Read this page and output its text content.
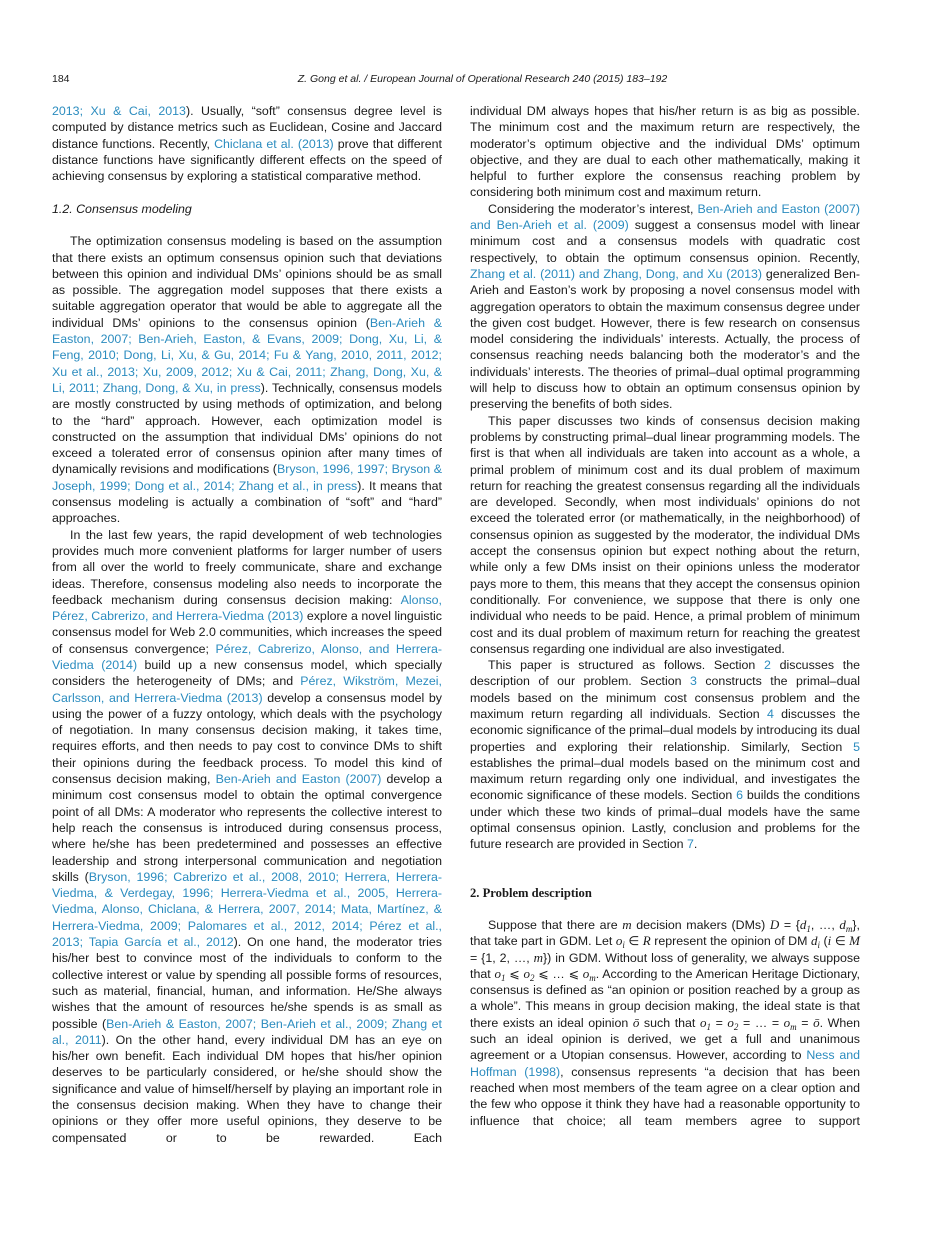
184	Z. Gong et al. / European Journal of Operational Research 240 (2015) 183–192

2013; Xu & Cai, 2013). Usually, “soft” consensus degree level is computed by distance metrics such as Euclidean, Cosine and Jaccard distance functions. Recently, Chiclana et al. (2013) prove that different distance functions have significantly different effects on the speed of achieving consensus by exploring a statistical comparative method.

1.2. Consensus modeling

The optimization consensus modeling is based on the assumption that there exists an optimum consensus opinion such that deviations between this opinion and individual DMs’ opinions should be as small as possible. The aggregation model supposes that there exists a suitable aggregation operator that would be able to aggregate all the individual DMs’ opinions to the consensus opinion (Ben-Arieh & Easton, 2007; Ben-Arieh, Easton, & Evans, 2009; Dong, Xu, Li, & Feng, 2010; Dong, Li, Xu, & Gu, 2014; Fu & Yang, 2010, 2011, 2012; Xu et al., 2013; Xu, 2009, 2012; Xu & Cai, 2011; Zhang, Dong, Xu, & Li, 2011; Zhang, Dong, & Xu, in press). Technically, consensus models are mostly constructed by using methods of optimization, and belong to the “hard” approach. However, each optimization model is constructed on the assumption that individual DMs’ opinions do not exceed a tolerated error of consensus opinion after many times of dynamically revisions and modifications (Bryson, 1996, 1997; Bryson & Joseph, 1999; Dong et al., 2014; Zhang et al., in press). It means that consensus modeling is actually a combination of “soft” and “hard” approaches.

In the last few years, the rapid development of web technologies provides much more convenient platforms for larger number of users from all over the world to freely communicate, share and exchange ideas. Therefore, consensus modeling also needs to incorporate the feedback mechanism during consensus decision making: Alonso, Pérez, Cabrerizo, and Herrera-Viedma (2013) explore a novel linguistic consensus model for Web 2.0 communities, which increases the speed of consensus convergence; Pérez, Cabrerizo, Alonso, and Herrera-Viedma (2014) build up a new consensus model, which specially considers the heterogeneity of DMs; and Pérez, Wikström, Mezei, Carlsson, and Herrera-Viedma (2013) develop a consensus model by using the power of a fuzzy ontology, which deals with the psychology of negotiation. In many consensus decision making, it takes time, requires efforts, and then needs to pay cost to convince DMs to shift their opinions during the feedback process. To model this kind of consensus decision making, Ben-Arieh and Easton (2007) develop a minimum cost consensus model to obtain the optimal convergence point of all DMs: A moderator who represents the collective interest to help reach the consensus is introduced during consensus process, where he/she has been predetermined and possesses an effective leadership and strong interpersonal communication and negotiation skills (Bryson, 1996; Cabrerizo et al., 2008, 2010; Herrera, Herrera-Viedma, & Verdegay, 1996; Herrera-Viedma et al., 2005, Herrera-Viedma, Alonso, Chiclana, & Herrera, 2007, 2014; Mata, Martínez, & Herrera-Viedma, 2009; Palomares et al., 2012, 2014; Pérez et al., 2013; Tapia García et al., 2012). On one hand, the moderator tries his/her best to convince most of the individuals to conform to the collective interest or value by spending all possible forms of resources, such as material, financial, human, and information. He/She always wishes that the amount of resources he/she spends is as small as possible (Ben-Arieh & Easton, 2007; Ben-Arieh et al., 2009; Zhang et al., 2011). On the other hand, every individual DM has an eye on his/her own benefit. Each individual DM hopes that his/her opinion deserves to be particularly considered, or he/she should show the significance and value of himself/herself by playing an important role in the consensus decision making. When they have to change their opinions or they offer more useful opinions, they deserve to be compensated or to be rewarded. Each

individual DM always hopes that his/her return is as big as possible. The minimum cost and the maximum return are respectively, the moderator’s optimum objective and the individual DMs’ optimum objective, and they are dual to each other mathematically, making it helpful to further explore the consensus reaching problem by considering both minimum cost and maximum return.

Considering the moderator’s interest, Ben-Arieh and Easton (2007) and Ben-Arieh et al. (2009) suggest a consensus model with linear minimum cost and a consensus models with quadratic cost respectively, to obtain the optimum consensus opinion. Recently, Zhang et al. (2011) and Zhang, Dong, and Xu (2013) generalized Ben-Arieh and Easton’s work by proposing a novel consensus model with aggregation operators to obtain the maximum consensus degree under the given cost budget. However, there is few research on consensus model considering the individuals’ interests. Actually, the process of consensus reaching needs balancing both the moderator’s and the individuals’ interests. The theories of primal–dual optimal programming will help to discuss how to obtain an optimum consensus opinion by preserving the benefits of both sides.

This paper discusses two kinds of consensus decision making problems by constructing primal–dual linear programming models. The first is that when all individuals are taken into account as a whole, a primal problem of minimum cost and its dual problem of maximum return for reaching the greatest consensus regarding all the individuals are developed. Secondly, when most individuals’ opinions do not exceed the tolerated error (or mathematically, in the neighborhood) of consensus opinion as suggested by the moderator, the individual DMs accept the consensus opinion but expect nothing about the return, while only a few DMs insist on their opinions unless the moderator pays more to them, this means that they accept the consensus opinion conditionally. For convenience, we suppose that there is only one individual who needs to be paid. Hence, a primal problem of minimum cost and its dual problem of maximum return for reaching the greatest consensus regarding one individual are also investigated.

This paper is structured as follows. Section 2 discusses the description of our problem. Section 3 constructs the primal–dual models based on the minimum cost consensus problem and the maximum return regarding all individuals. Section 4 discusses the economic significance of the primal–dual models by introducing its dual properties and exploring their relationship. Similarly, Section 5 establishes the primal–dual models based on the minimum cost and maximum return regarding only one individual, and investigates the economic significance of these models. Section 6 builds the conditions under which these two kinds of primal–dual models have the same optimal consensus opinion. Lastly, conclusion and problems for the future research are provided in Section 7.

2. Problem description

Suppose that there are m decision makers (DMs) $D = \{d_1$, …, $d_m$}, that take part in GDM. Let $o_i$ ∈ R represent the opinion of DM $d_i$ (i ∈ M = {1, 2, …, m}) in GDM. Without loss of generality, we always suppose that $o_1$ ⩽ $o_2$ ⩽ … ⩽ $o_m$. According to the American Heritage Dictionary, consensus is defined as “an opinion or position reached by a group as a whole”. This means in group decision making, the ideal state is that there exists an ideal opinion ō such that $o_1 = o_2$ = … = $o_m$ = ō. When such an ideal opinion is derived, we get a full and unanimous agreement or a Utopian consensus. However, according to Ness and Hoffman (1998), consensus represents “a decision that has been reached when most members of the team agree on a clear option and the few who oppose it think they have had a reasonable opportunity to influence that choice; all team members agree to support
